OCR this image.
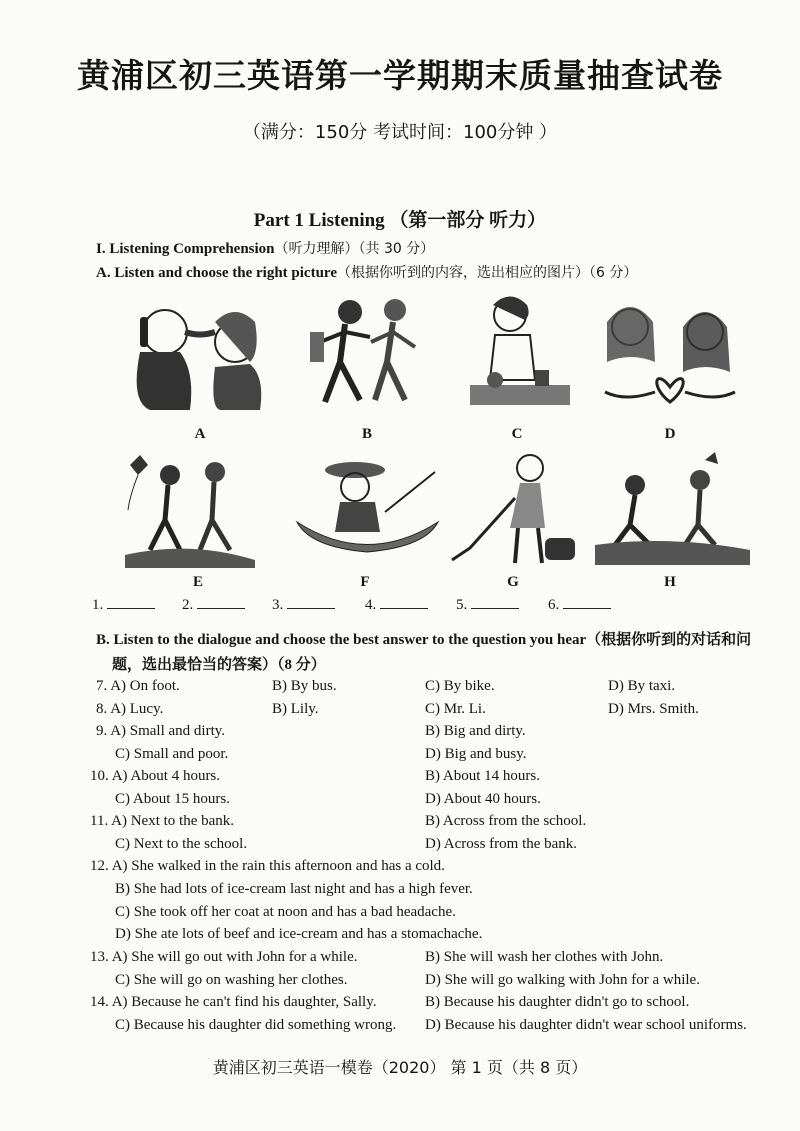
黄浦区初三英语第一学期期末质量抽查试卷
（满分：150分 考试时间：100分钟 ）
Part 1 Listening （第一部分 听力）
I. Listening Comprehension（听力理解）（共 30 分）
A. Listen and choose the right picture（根据你听到的内容，选出相应的图片）（6 分）
A	B	C	D
E	F	G	H
1.	2.	3.	4.	5.	6.
B. Listen to the dialogue and choose the best answer to the question you hear（根据你听到的对话和问
题，选出最恰当的答案）（8 分）
7. A) On foot.	B) By bus.	C) By bike.	D) By taxi.
8. A) Lucy.	B) Lily.	C) Mr. Li.	D) Mrs. Smith.
9. A) Small and dirty.	B) Big and dirty.
C) Small and poor.	D) Big and busy.
10. A) About 4 hours.	B) About 14 hours.
C) About 15 hours.	D) About 40 hours.
11. A) Next to the bank.	B) Across from the school.
C) Next to the school.	D) Across from the bank.
12. A) She walked in the rain this afternoon and has a cold.
B) She had lots of ice-cream last night and has a high fever.
C) She took off her coat at noon and has a bad headache.
D) She ate lots of beef and ice-cream and has a stomachache.
13. A) She will go out with John for a while.	B) She will wash her clothes with John.
C) She will go on washing her clothes.	D) She will go walking with John for a while.
14. A) Because he can't find his daughter, Sally.	B) Because his daughter didn't go to school.
C) Because his daughter did something wrong. D) Because his daughter didn't wear school uniforms.
黄浦区初三英语一模卷（2020） 第 1 页（共 8 页）
